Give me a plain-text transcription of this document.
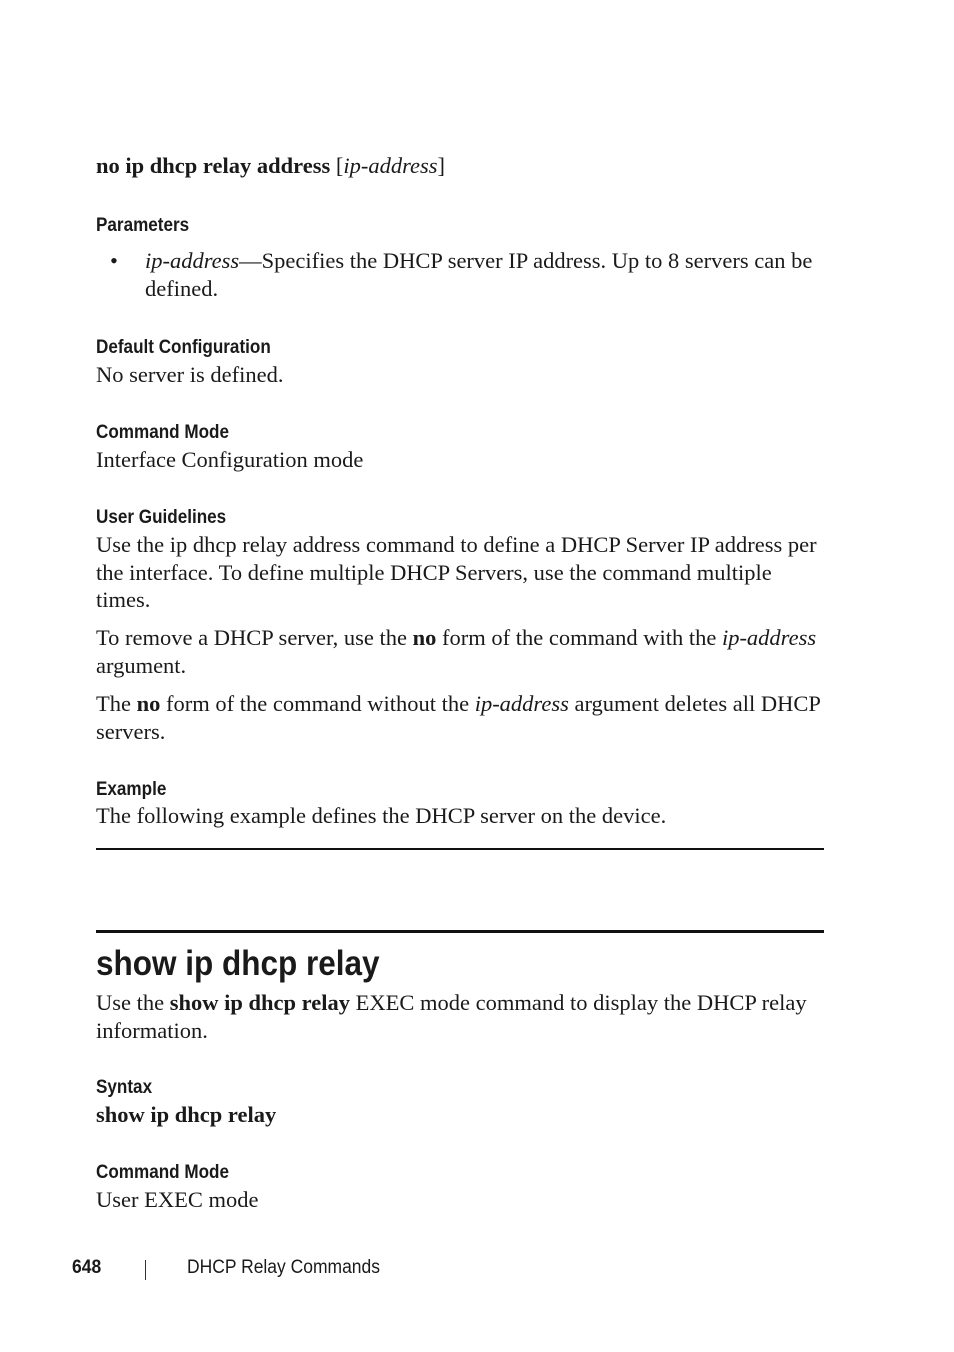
no ip dhcp relay address [ip-address]
Parameters
• ip-address—Specifies the DHCP server IP address. Up to 8 servers can be defined.
Default Configuration

No server is defined.

Command Mode

Interface Configuration mode

User Guidelines

Use the ip dhcp relay address command to define a DHCP Server IP address per the interface. To define multiple DHCP Servers, use the command multiple times.

To remove a DHCP server, use the no form of the command with the ip-address argument.

The no form of the command without the ip-address argument deletes all DHCP servers.

Example

The following example defines the DHCP server on the device.

show ip dhcp relay

Use the show ip dhcp relay EXEC mode command to display the DHCP relay information.

Syntax

show ip dhcp relay

Command Mode

User EXEC mode

648	DHCP Relay Commands
